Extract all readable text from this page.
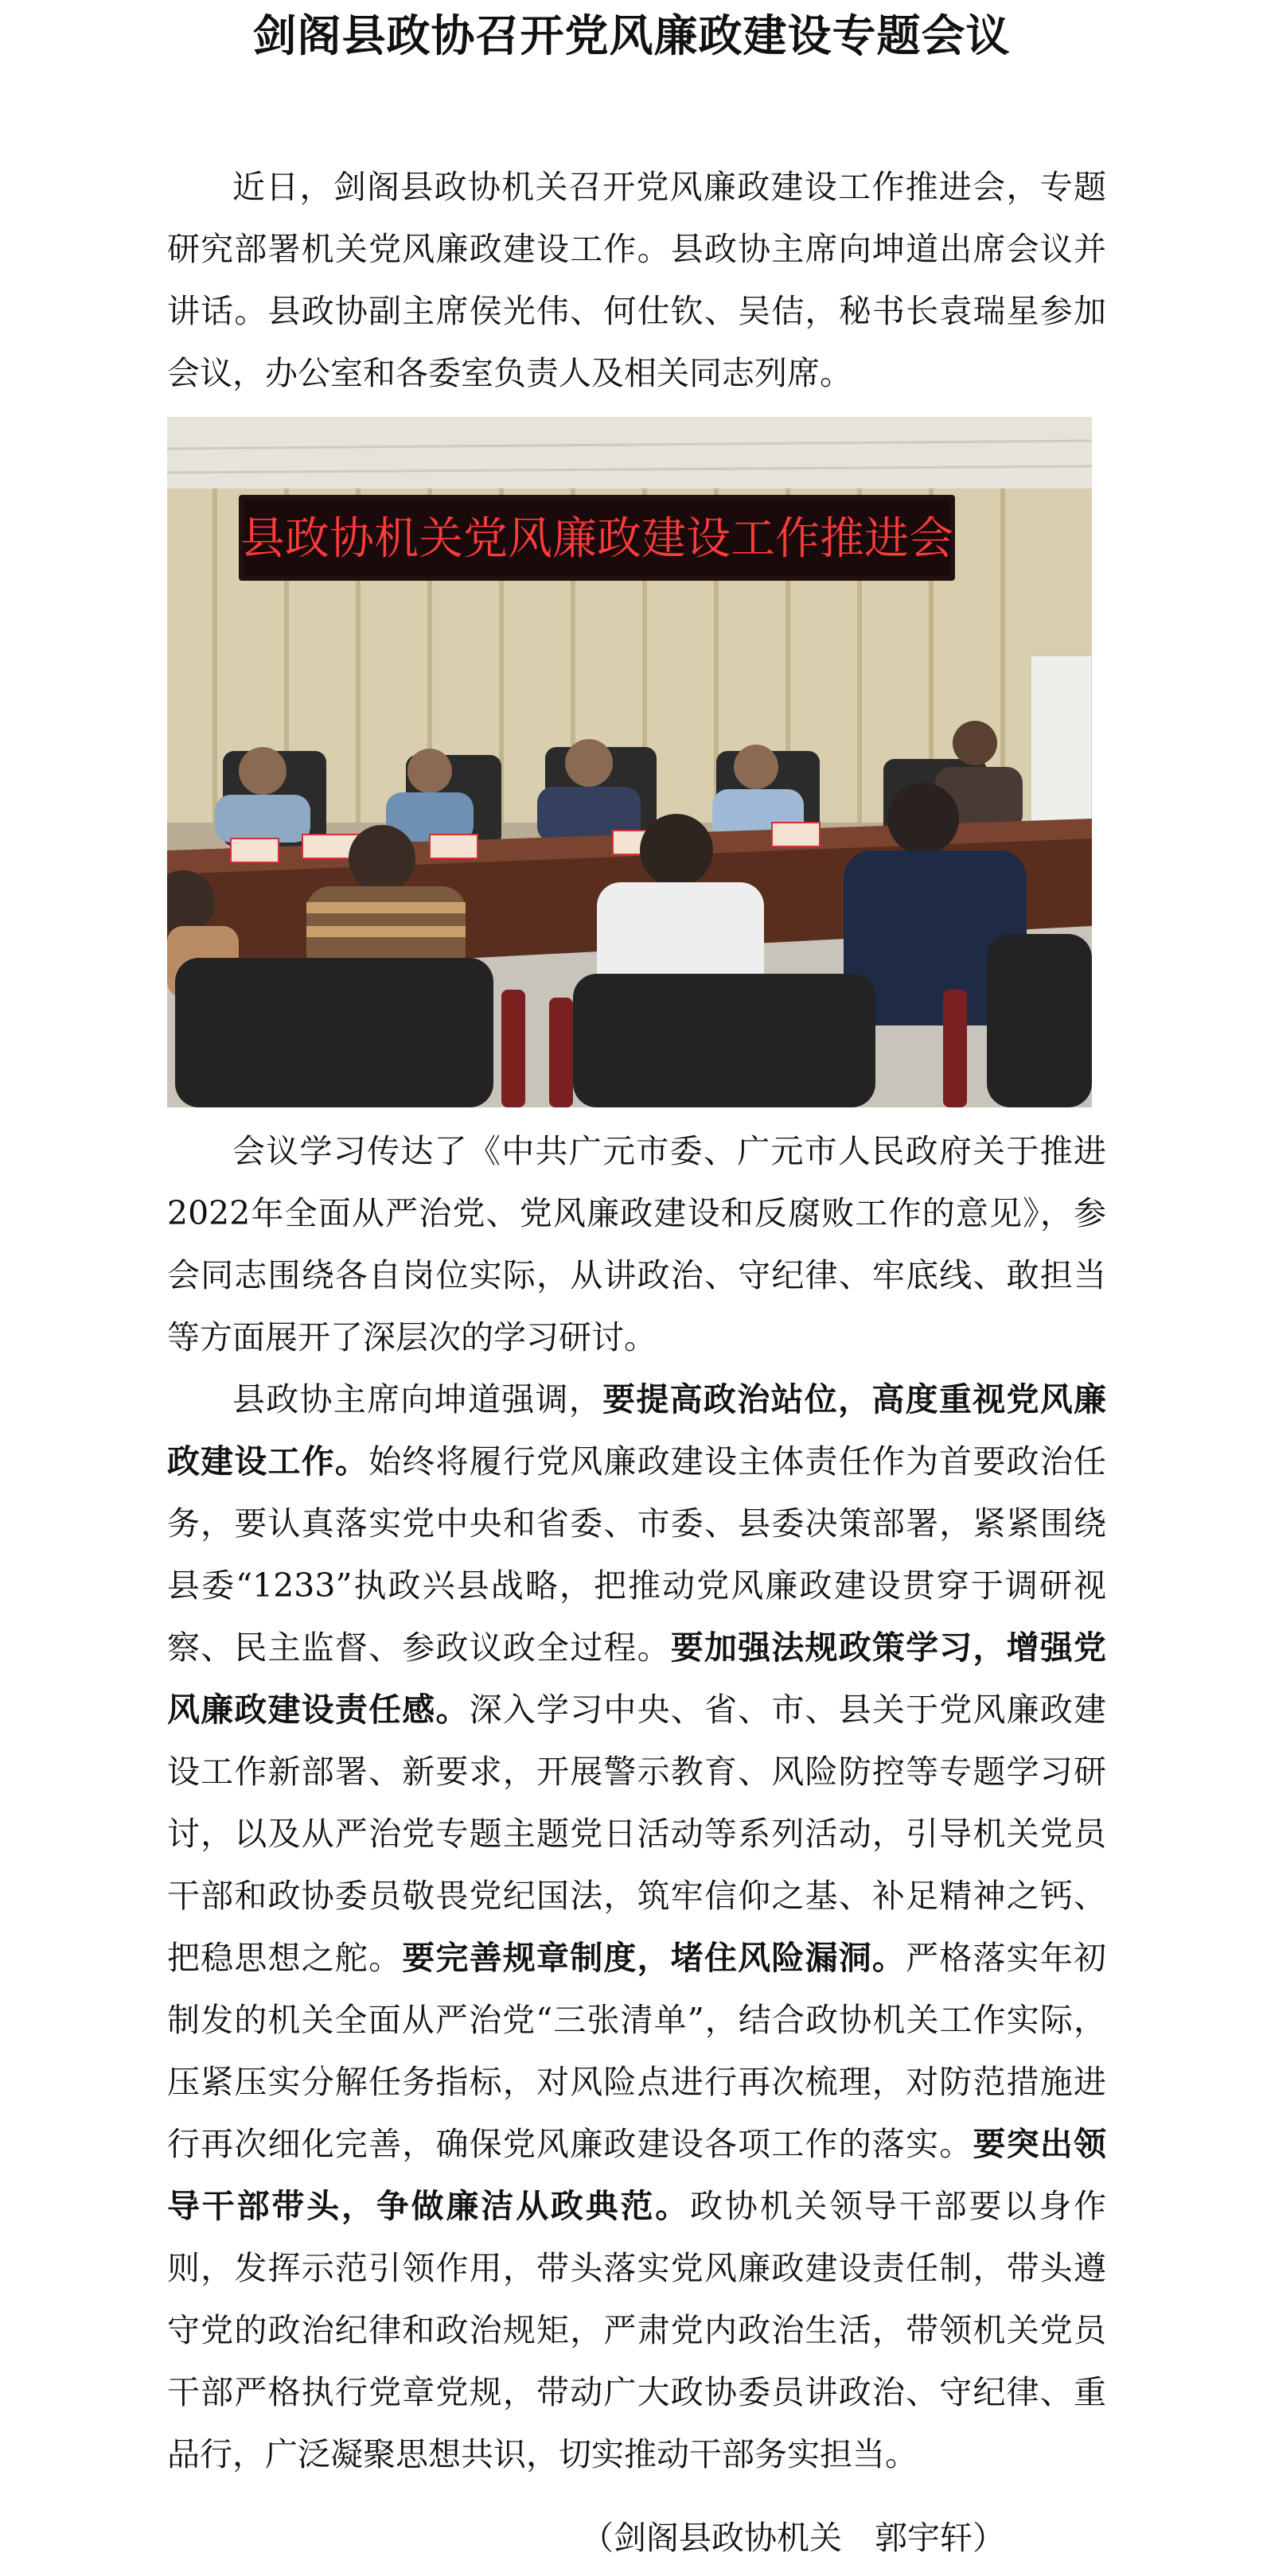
剑阁县政协召开党风廉政建设专题会议

近日，剑阁县政协机关召开党风廉政建设工作推进会，专题研究部署机关党风廉政建设工作。县政协主席向坤道出席会议并讲话。县政协副主席侯光伟、何仕钦、吴佶，秘书长袁瑞星参加会议，办公室和各委室负责人及相关同志列席。

县政协机关党风廉政建设工作推进会

会议学习传达了《中共广元市委、广元市人民政府关于推进2022年全面从严治党、党风廉政建设和反腐败工作的意见》，参会同志围绕各自岗位实际，从讲政治、守纪律、牢底线、敢担当等方面展开了深层次的学习研讨。

县政协主席向坤道强调，要提高政治站位，高度重视党风廉政建设工作。始终将履行党风廉政建设主体责任作为首要政治任务，要认真落实党中央和省委、市委、县委决策部署，紧紧围绕县委“1233”执政兴县战略，把推动党风廉政建设贯穿于调研视察、民主监督、参政议政全过程。要加强法规政策学习，增强党风廉政建设责任感。深入学习中央、省、市、县关于党风廉政建设工作新部署、新要求，开展警示教育、风险防控等专题学习研讨，以及从严治党专题主题党日活动等系列活动，引导机关党员干部和政协委员敬畏党纪国法，筑牢信仰之基、补足精神之钙、把稳思想之舵。要完善规章制度，堵住风险漏洞。严格落实年初制发的机关全面从严治党“三张清单”，结合政协机关工作实际，压紧压实分解任务指标，对风险点进行再次梳理，对防范措施进行再次细化完善，确保党风廉政建设各项工作的落实。要突出领导干部带头，争做廉洁从政典范。政协机关领导干部要以身作则，发挥示范引领作用，带头落实党风廉政建设责任制，带头遵守党的政治纪律和政治规矩，严肃党内政治生活，带领机关党员干部严格执行党章党规，带动广大政协委员讲政治、守纪律、重品行，广泛凝聚思想共识，切实推动干部务实担当。

（剑阁县政协机关　郭宇轩）
